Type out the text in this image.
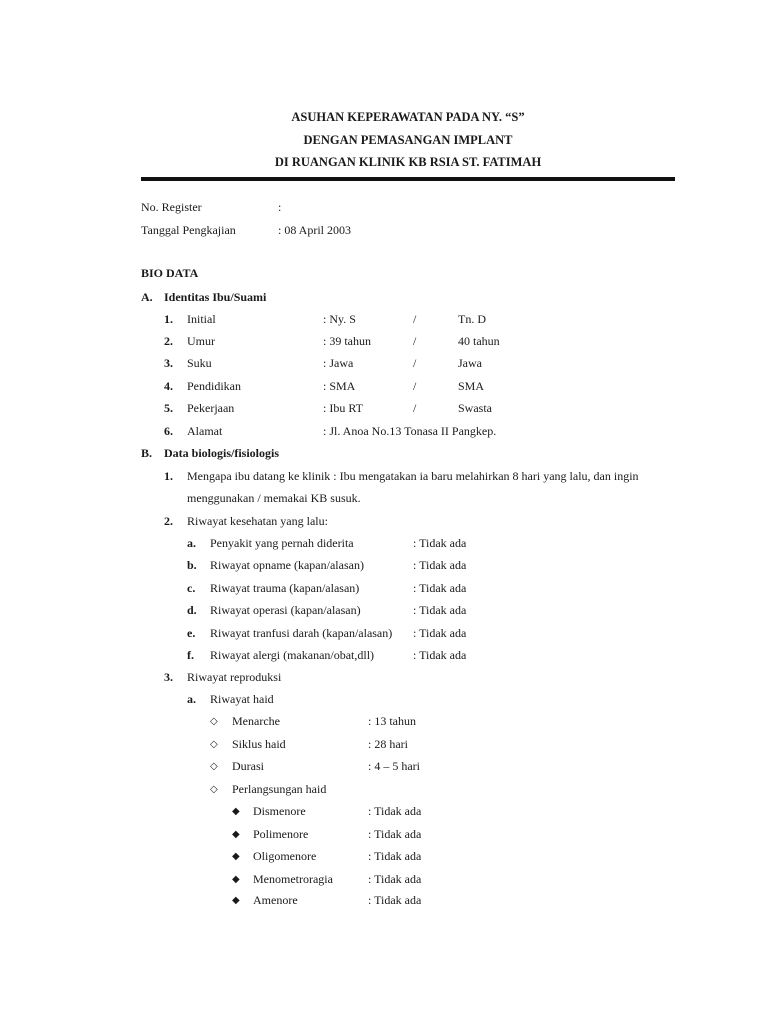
ASUHAN KEPERAWATAN PADA NY. “S”
DENGAN PEMASANGAN IMPLANT
DI RUANGAN KLINIK KB RSIA ST. FATIMAH
No. Register	:
Tanggal Pengkajian	: 08 April 2003
BIO DATA
A. Identitas Ibu/Suami
1. Initial	: Ny. S	/	Tn. D
2. Umur	: 39 tahun	/	40 tahun
3. Suku	: Jawa	/	Jawa
4. Pendidikan	: SMA	/	SMA
5. Pekerjaan	: Ibu RT	/	Swasta
6. Alamat	: Jl. Anoa No.13 Tonasa II Pangkep.
B. Data biologis/fisiologis
1. Mengapa ibu datang ke klinik : Ibu mengatakan ia baru melahirkan 8 hari yang lalu, dan ingin
menggunakan / memakai KB susuk.
2. Riwayat kesehatan yang lalu:
a. Penyakit yang pernah diderita	: Tidak ada
b. Riwayat opname (kapan/alasan)	: Tidak ada
c. Riwayat trauma (kapan/alasan)	: Tidak ada
d. Riwayat operasi (kapan/alasan)	: Tidak ada
e. Riwayat tranfusi darah (kapan/alasan) : Tidak ada
f. Riwayat alergi (makanan/obat,dll)	: Tidak ada
3. Riwayat reproduksi
a. Riwayat haid
◇ Menarche	: 13 tahun
◇ Siklus haid	: 28 hari
◇ Durasi	: 4 – 5 hari
◇ Perlangsungan haid
◆ Dismenore	: Tidak ada
◆ Polimenore	: Tidak ada
◆ Oligomenore	: Tidak ada
◆ Menometroragia	: Tidak ada
◆ Amenore	: Tidak ada
